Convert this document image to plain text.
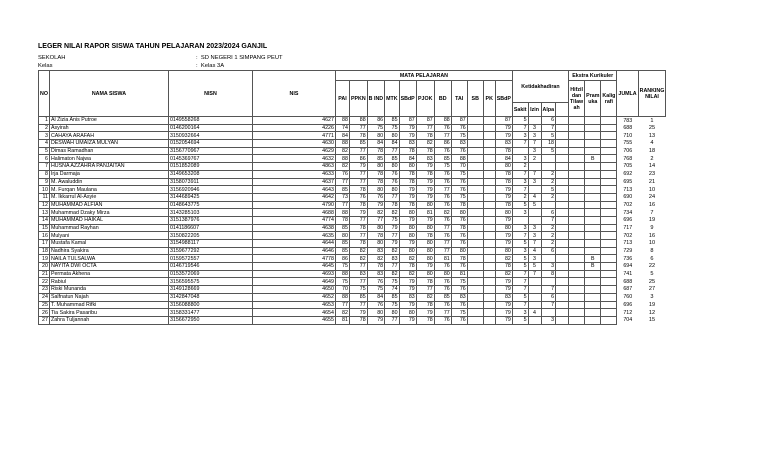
LEGER NILAI RAPOR SISWA TAHUN PELAJARAN 2023/2024 GANJIL
SEKOLAH	: SD NEGERI 1 SIMPANG PEUT
Kelas	: Kelas 3A
NO	NAMA SISWA	NISN	NIS	MATA PELAJARAN											Ketidakhadiran				Ekstra Kurikuler			JUMLA	RANKING NILAI
				PAI	PPKN	B IND	MTK	SBdP	PJOK	BD	TAI	SB	PK	SBdP					Hifzil dan Tilaw ah	Pram uka	Kalig rafi		
															Sakit	Izin	Alpa						
1	Al Zizia Anis Putroe	0149558268	4627	88	88	86	85	87	87	88	87			87	5		6					783	1
2	Asyirah	0146200164	4226	74	77	75	75	79	77	76	76			79	7	3	7					688	25
3	CAHAYA ARAFAH	3150932664	4771	84	78	80	80	79	78	77	75			79	3	3	5					710	13
4	DESWAH UMAIZA MULYAN	0152054694	4630	88	85	84	84	83	82	86	83			83	7	7	18					755	4
5	Dimas Ramadhan	3156770967	4629	82	77	78	77	78	78	76	76			78		3	5					706	18
6	Halimaton Najwa	0145369767	4632	88	86	85	85	84	83	85	88			84	3	2				B		768	2
7	HUSNA AZZAHRA PANJAITAN	0151852089	4863	82	79	80	80	80	79	75	70			80	2							705	14
8	Irja Darmaja	3149653208	4633	76	77	78	76	78	78	76	75			78	7	7	2					692	23
9	M. Awaluddin	3158073911	4637	77	77	78	76	78	79	76	76			78	3	3	2					695	21
10	M. Furqan Maulana	3156920946	4643	85	78	80	80	79	79	77	76			79	7		5					713	10
11	M. Ikkarrul Al-Asyie	3144689425	4642	73	76	76	77	79	79	76	75			79	2	4	2					690	24
12	MUHAMMAD ALFIAN	0148643775	4790	77	78	79	78	78	80	76	78			78	5	5						702	16
13	Muhammad Dzaky Mirza	3143285103	4688	88	79	82	82	80	81	82	80			80	3		6					734	7
14	MUHAMMAD HAIKAL	3151387976	4774	78	77	77	75	79	79	76	76			79			7					696	19
15	Muhammad Rayhan	0141186607	4638	85	78	80	79	80	80	77	78			80	3	3	2					717	9
16	Mulyani	3150822205	4635	80	77	78	77	80	78	76	76			79	7	3	2					702	16
17	Mustafa Kamal	3154988117	4644	85	78	80	79	79	80	77	76			79	5	7	2					713	10
18	Nadhira Syakira	3159677292	4646	85	82	83	82	80	80	77	80			80	3	4	6					729	8
19	NAILA TULSALWA	0159572557	4778	86	82	82	83	82	80	81	78			82	5	3				B		736	6
20	NAYITA DWI OCTA	0146719546	4645	75	77	78	77	78	79	76	76			78	5	5	3			B		694	22
21	Permata Akhena	0153572069	4693	88	83	83	82	82	80	80	81			82	7	7	8					741	5
22	Rabiul	3156595575	4649	75	77	76	75	79	78	76	75			79	7							688	25
23	Riski Munanda	3149128669	4650	70	75	75	74	79	77	76	76			79	7		7					687	27
24	Salfnatun Najah	3142847048	4652	88	85	84	85	83	82	85	83			83	5		6					760	3
25	T. Muhammad Rifki	3156088800	4653	77	77	76	75	79	78	76	76			79	7		7					696	19
26	Tia Sakira Pasaribu	3158331477	4654	82	79	80	80	80	79	77	75			79	3	4						712	12
27	Zahra Tuljannah	3156672950	4655	81	78	79	77	79	78	76	76			79	5		3					704	15
